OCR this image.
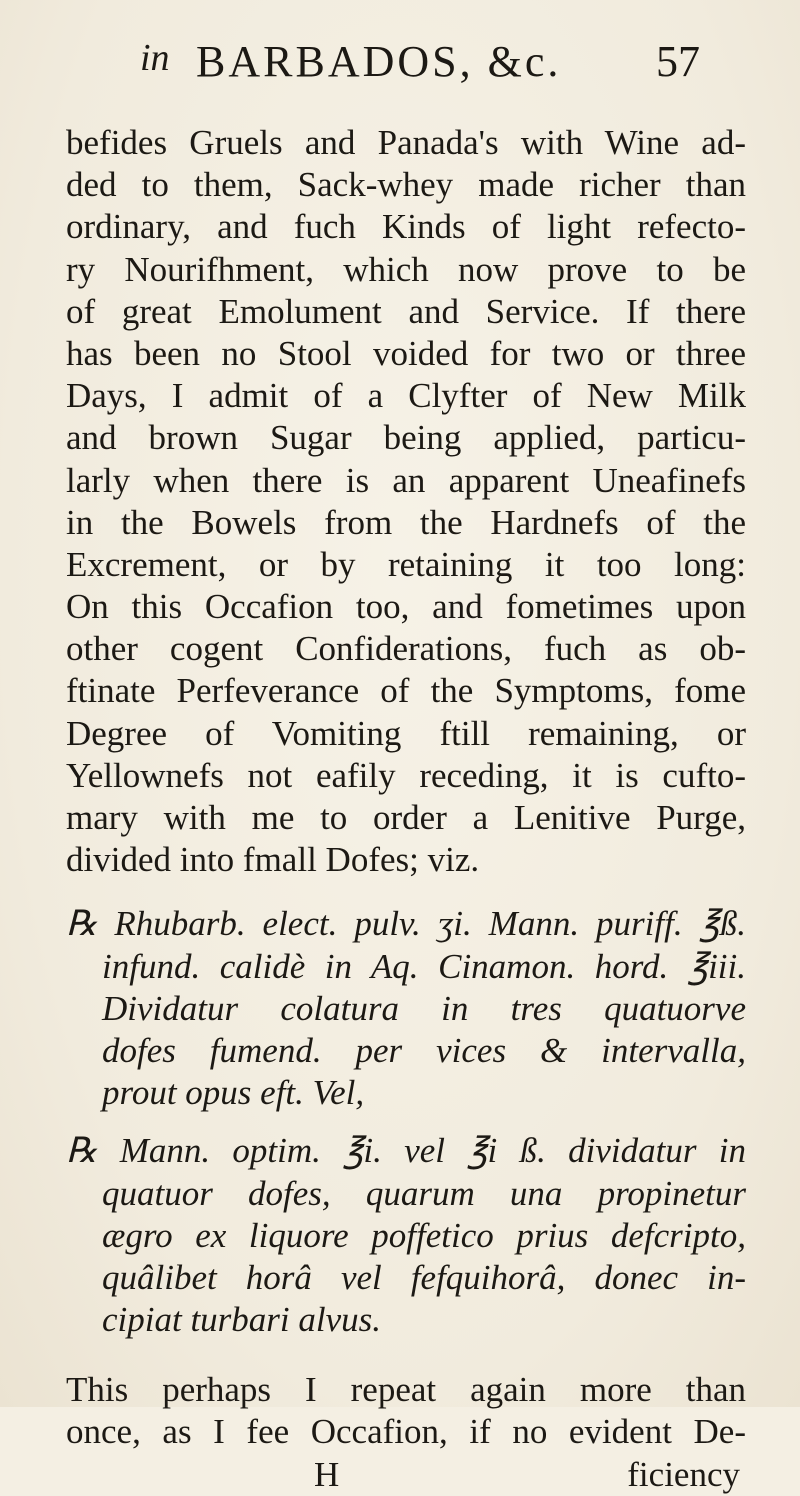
in BARBADOS, &c. 57
befides Gruels and Panada's with Wine ad-
ded to them, Sack-whey made richer than
ordinary, and fuch Kinds of light refecto-
ry Nourifhment, which now prove to be
of great Emolument and Service. If there
has been no Stool voided for two or three
Days, I admit of a Clyfter of New Milk
and brown Sugar being applied, particu-
larly when there is an apparent Uneafinefs
in the Bowels from the Hardnefs of the
Excrement, or by retaining it too long:
On this Occafion too, and fometimes upon
other cogent Confiderations, fuch as ob-
ftinate Perfeverance of the Symptoms, fome
Degree of Vomiting ftill remaining, or
Yellownefs not eafily receding, it is cufto-
mary with me to order a Lenitive Purge,
divided into fmall Dofes; viz.
℞ Rhubarb. elect. pulv. ʒi. Mann. puriff. ℥ß.
infund. calidè in Aq. Cinamon. hord. ℥iii.
Dividatur colatura in tres quatuorve
dofes fumend. per vices & intervalla,
prout opus eft. Vel,
℞ Mann. optim. ℥i. vel ℥i ß. dividatur in
quatuor dofes, quarum una propinetur
ægro ex liquore poffetico prius defcripto,
quâlibet horâ vel fefquihorâ, donec in-
cipiat turbari alvus.
This perhaps I repeat again more than
once, as I fee Occafion, if no evident De-
H	ficiency
